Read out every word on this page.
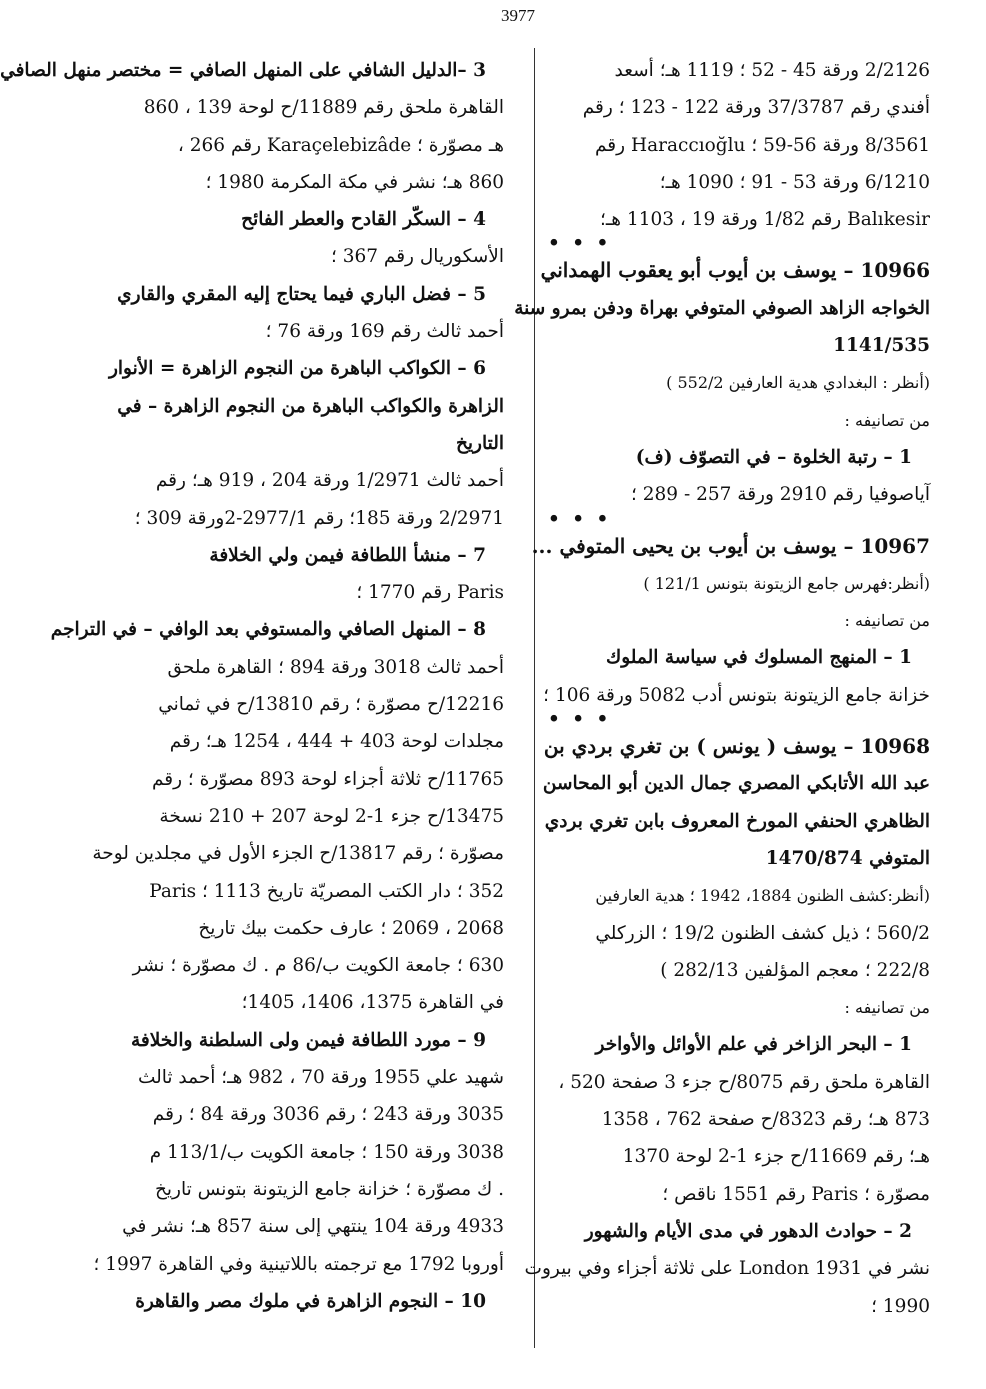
3977
2/2126 ورقة 45 - 52 ؛ 1119 هـ؛ أسعد
أفندي رقم 37/3787 ورقة 122 - 123 ؛ رقم
8/3561 ورقة 56-59 ؛ Haraccıoğlu رقم
6/1210 ورقة 53 - 91 ؛ 1090 هـ؛
Balıkesir رقم 1/82 ورقة 19 ، 1103 هـ؛
• • •
10966 – يوسف بن أيوب أبو يعقوب الهمداني
الخواجه الزاهد الصوفي المتوفي بهراة ودفن بمرو سنة
1141/535
(أنظر : البغدادي هدية العارفين 552/2 )
من تصانيفه :
1 – رتبة الخلوة – في التصوّف (ف)
آياصوفيا رقم 2910 ورقة 257 - 289 ؛
• • •
10967 – يوسف بن أيوب بن يحيى المتوفي ...
(أنظر:فهرس جامع الزيتونة بتونس 121/1 )
من تصانيفه :
1 – المنهج المسلوك في سياسة الملوك
خزانة جامع الزيتونة بتونس أدب 5082 ورقة 106 ؛
• • •
10968 – يوسف ( يونس ) بن تغري بردي بن
عبد الله الأتابكي المصري جمال الدين أبو المحاسن
الظاهري الحنفي المورخ المعروف بابن تغري بردي
المتوفي 1470/874
(أنظر:كشف الظنون 1884، 1942 ؛ هدية العارفين
560/2 ؛ ذيل كشف الظنون 19/2 ؛ الزركلي
222/8 ؛ معجم المؤلفين 282/13 )
من تصانيفه :
1 – البحر الزاخر في علم الأوائل والأواخر
القاهرة ملحق رقم 8075/ح جزء 3 صفحة 520 ،
873 هـ؛ رقم 8323/ح صفحة 762 ، 1358
هـ؛ رقم 11669/ح جزء 1-2 لوحة 1370
مصوّرة ؛ Paris رقم 1551 ناقص ؛
2 – حوادث الدهور في مدى الأيام والشهور
نشر في London 1931 على ثلاثة أجزاء وفي بيروت
1990 ؛
3 –الدليل الشافي على المنهل الصافي = مختصر منهل الصافي
القاهرة ملحق رقم 11889/ح لوحة 139 ، 860
هـ مصوّرة ؛ Karaçelebizâde رقم 266 ،
860 هـ؛ نشر في مكة المكرمة 1980 ؛
4 – السكّر القادح والعطر الفائح
الأسكوريال رقم 367 ؛
5 – فضل الباري فيما يحتاج إليه المقري والقاري
أحمد ثالث رقم 169 ورقة 76 ؛
6 – الكواكب الباهرة من النجوم الزاهرة = الأنوار
الزاهرة والكواكب الباهرة من النجوم الزاهرة – في
التاريخ
أحمد ثالث 1/2971 ورقة 204 ، 919 هـ؛ رقم
2/2971 ورقة 185؛ رقم 2977/1-2ورقة 309 ؛
7 – منشأ اللطافة فيمن ولي الخلافة
Paris رقم 1770 ؛
8 – المنهل الصافي والمستوفي بعد الوافي – في التراجم
أحمد ثالث 3018 ورقة 894 ؛ القاهرة ملحق
12216/ح مصوّرة ؛ رقم 13810/ح في ثماني
مجلدات لوحة 403 + 444 ، 1254 هـ؛ رقم
11765/ح ثلاثة أجزاء لوحة 893 مصوّرة ؛ رقم
13475/ح جزء 1-2 لوحة 207 + 210 نسخة
مصوّرة ؛ رقم 13817/ح الجزء الأول في مجلدين لوحة
352 ؛ دار الكتب المصريّة تاريخ 1113 ؛ Paris
2068 ، 2069 ؛ عارف حكمت بيك تاريخ
630 ؛ جامعة الكويت ب/86 م . ك مصوّرة ؛ نشر
في القاهرة 1375، 1406، 1405؛
9 – مورد اللطافة فيمن ولى السلطنة والخلافة
شهيد علي 1955 ورقة 70 ، 982 هـ؛ أحمد ثالث
3035 ورقة 243 ؛ رقم 3036 ورقة 84 ؛ رقم
3038 ورقة 150 ؛ جامعة الكويت ب/113/1 م
. ك مصوّرة ؛ خزانة جامع الزيتونة بتونس تاريخ
4933 ورقة 104 ينتهي إلى سنة 857 هـ؛ نشر في
أوروبا 1792 مع ترجمته باللاتينية وفي القاهرة 1997 ؛
10 – النجوم الزاهرة في ملوك مصر والقاهرة
